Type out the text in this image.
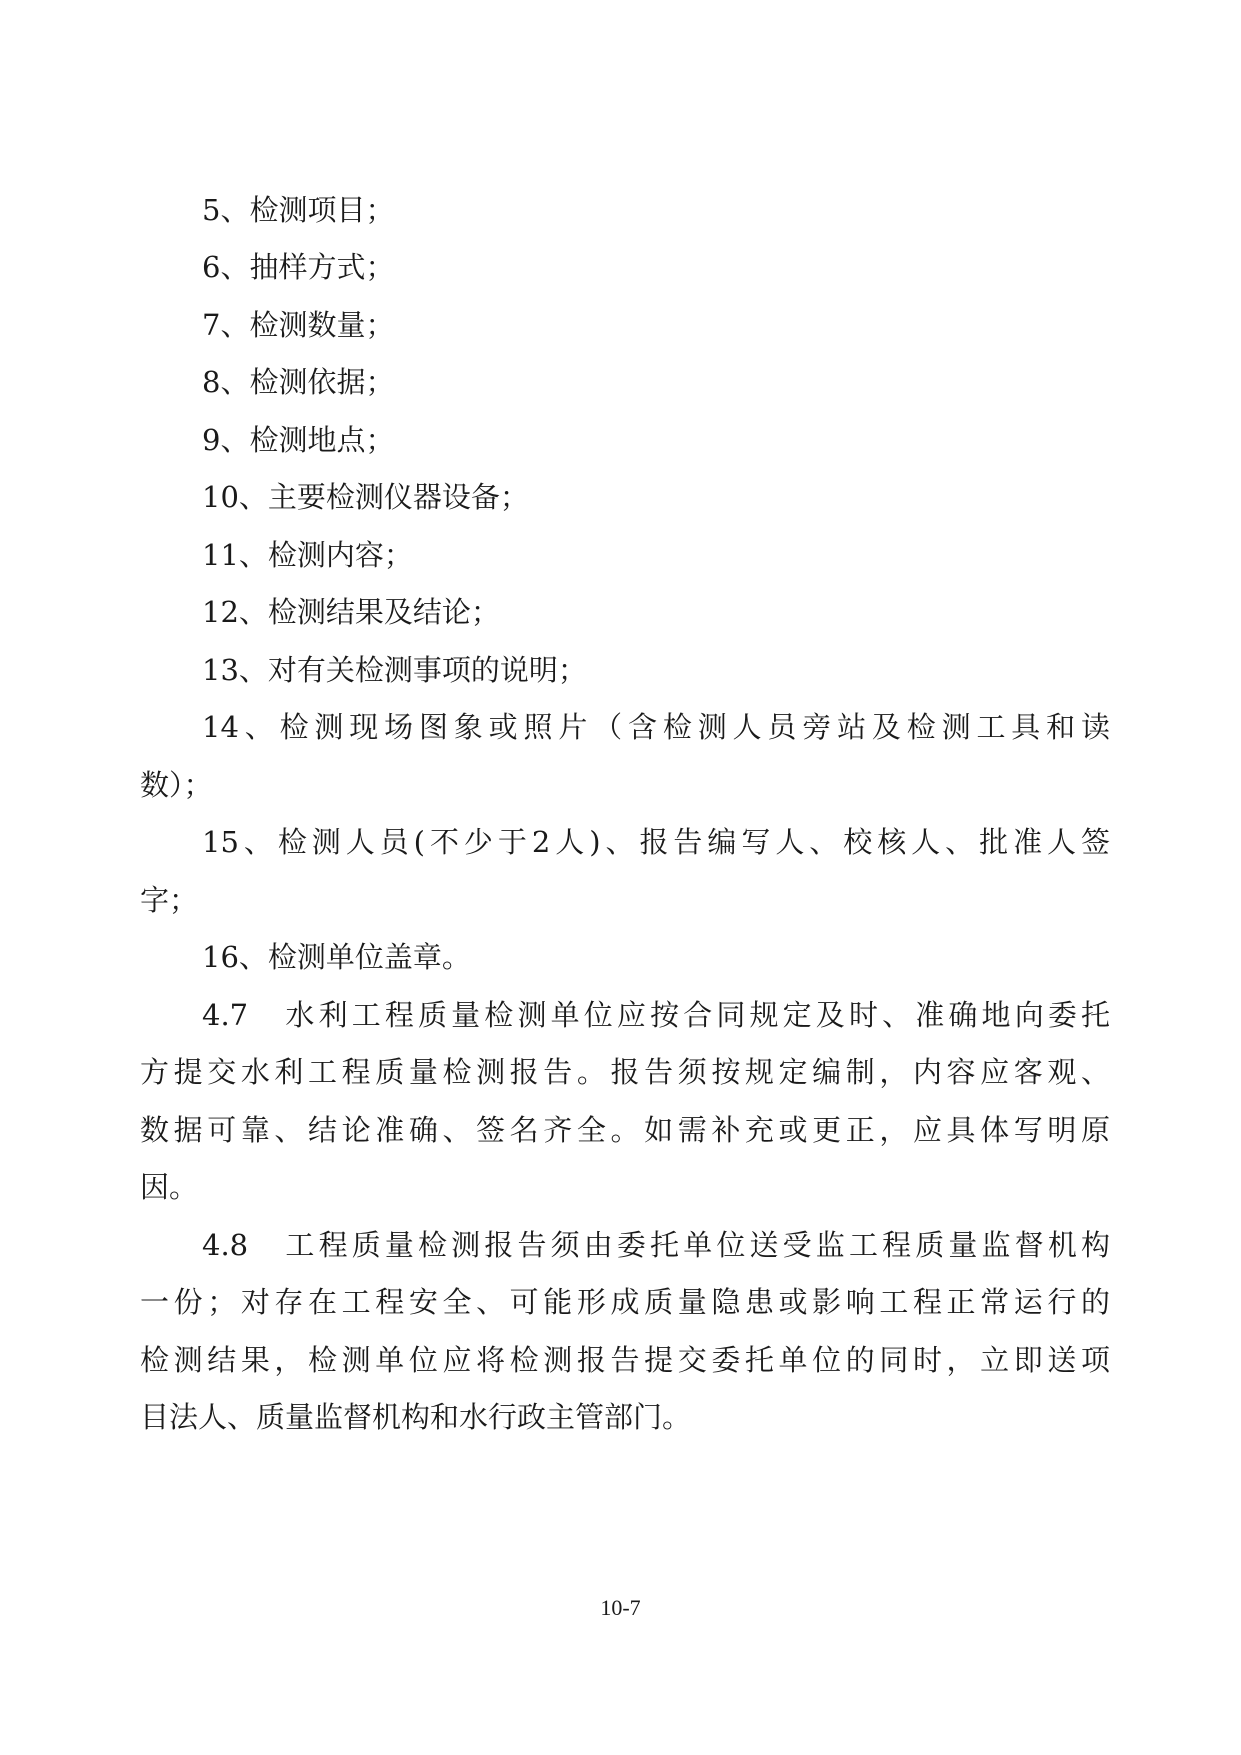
5、检测项目；
6、抽样方式；
7、检测数量；
8、检测依据；
9、检测地点；
10、主要检测仪器设备；
11、检测内容；
12、检测结果及结论；
13、对有关检测事项的说明；
14、检测现场图象或照片（含检测人员旁站及检测工具和读
数）；
15、检测人员(不少于2人)、报告编写人、校核人、批准人签
字；
16、检测单位盖章。
4.7　水利工程质量检测单位应按合同规定及时、准确地向委托
方提交水利工程质量检测报告。报告须按规定编制，内容应客观、
数据可靠、结论准确、签名齐全。如需补充或更正，应具体写明原
因。
4.8　工程质量检测报告须由委托单位送受监工程质量监督机构
一份；对存在工程安全、可能形成质量隐患或影响工程正常运行的
检测结果，检测单位应将检测报告提交委托单位的同时，立即送项
目法人、质量监督机构和水行政主管部门。
10-7
